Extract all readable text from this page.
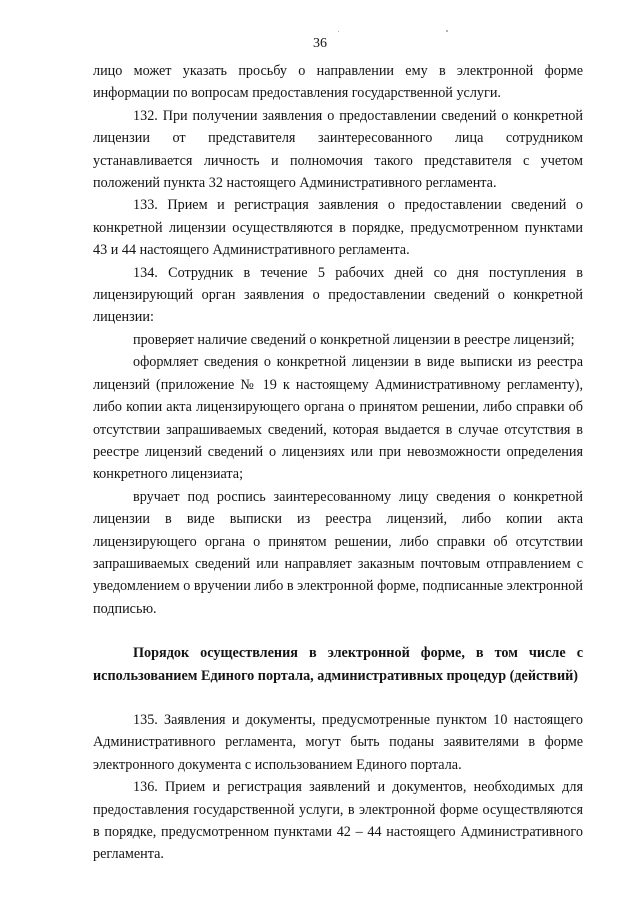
36

лицо может указать просьбу о направлении ему в электронной форме информации по вопросам предоставления государственной услуги.

132. При получении заявления о предоставлении сведений о конкретной лицензии от представителя заинтересованного лица сотрудником устанавливается личность и полномочия такого представителя с учетом положений пункта 32 настоящего Административного регламента.

133. Прием и регистрация заявления о предоставлении сведений о конкретной лицензии осуществляются в порядке, предусмотренном пунктами 43 и 44 настоящего Административного регламента.

134. Сотрудник в течение 5 рабочих дней со дня поступления в лицензирующий орган заявления о предоставлении сведений о конкретной лицензии:

проверяет наличие сведений о конкретной лицензии в реестре лицензий;

оформляет сведения о конкретной лицензии в виде выписки из реестра лицензий (приложение № 19 к настоящему Административному регламенту), либо копии акта лицензирующего органа о принятом решении, либо справки об отсутствии запрашиваемых сведений, которая выдается в случае отсутствия в реестре лицензий сведений о лицензиях или при невозможности определения конкретного лицензиата;

вручает под роспись заинтересованному лицу сведения о конкретной лицензии в виде выписки из реестра лицензий, либо копии акта лицензирующего органа о принятом решении, либо справки об отсутствии запрашиваемых сведений или направляет заказным почтовым отправлением с уведомлением о вручении либо в электронной форме, подписанные электронной подписью.

Порядок осуществления в электронной форме, в том числе с использованием Единого портала, административных процедур (действий)

135. Заявления и документы, предусмотренные пунктом 10 настоящего Административного регламента, могут быть поданы заявителями в форме электронного документа с использованием Единого портала.

136. Прием и регистрация заявлений и документов, необходимых для предоставления государственной услуги, в электронной форме осуществляются в порядке, предусмотренном пунктами 42 – 44 настоящего Административного регламента.
